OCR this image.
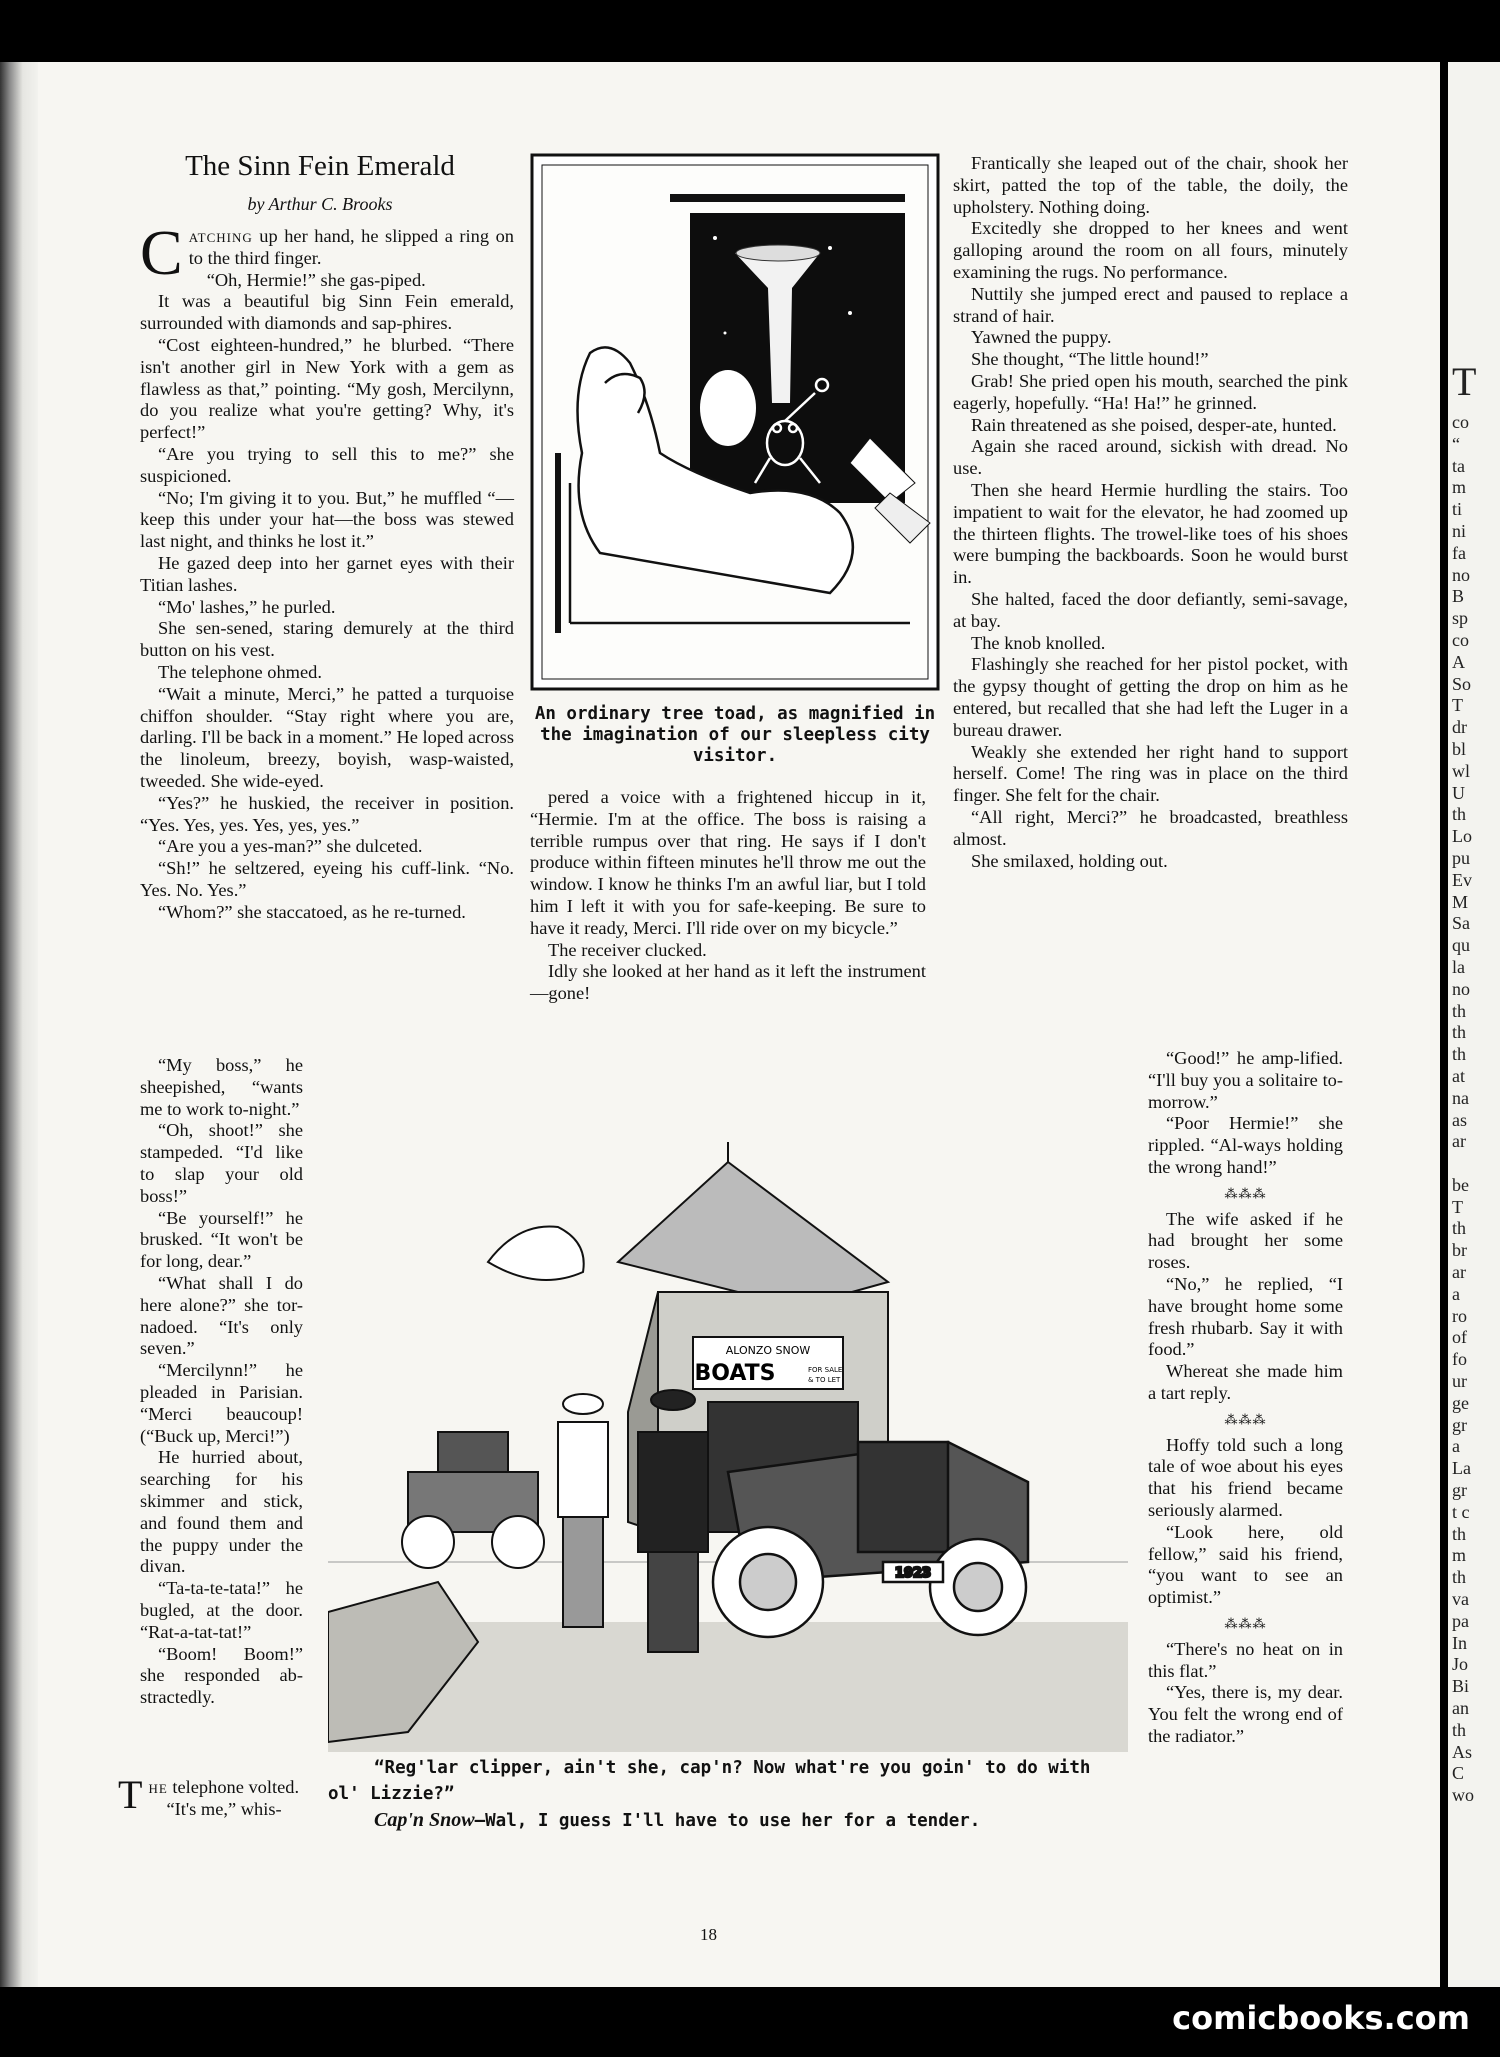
The Sinn Fein Emerald
by Arthur C. Brooks

Catching up her hand, he slipped a ring on to the third finger.

“Oh, Hermie!” she gas-piped.

It was a beautiful big Sinn Fein emerald, surrounded with diamonds and sap-phires.

“Cost eighteen-hundred,” he blurbed. “There isn't another girl in New York with a gem as flawless as that,” pointing. “My gosh, Mercilynn, do you realize what you're getting? Why, it's perfect!”

“Are you trying to sell this to me?” she suspicioned.

“No; I'm giving it to you. But,” he muffled “—keep this under your hat—the boss was stewed last night, and thinks he lost it.”

He gazed deep into her garnet eyes with their Titian lashes.

“Mo' lashes,” he purled.

She sen-sened, staring demurely at the third button on his vest.

The telephone ohmed.

“Wait a minute, Merci,” he patted a turquoise chiffon shoulder. “Stay right where you are, darling. I'll be back in a moment.” He loped across the linoleum, breezy, boyish, wasp-waisted, tweeded. She wide-eyed.

“Yes?” he huskied, the receiver in position. “Yes. Yes, yes. Yes, yes, yes.”

“Are you a yes-man?” she dulceted.

“Sh!” he seltzered, eyeing his cuff-link. “No. Yes. No. Yes.”

“Whom?” she staccatoed, as he re-turned.

“My boss,” he sheepished, “wants me to work to-night.”

“Oh, shoot!” she stampeded. “I'd like to slap your old boss!”

“Be yourself!” he brusked. “It won't be for long, dear.”

“What shall I do here alone?” she tor-nadoed. “It's only seven.”

“Mercilynn!” he pleaded in Parisian. “Merci beaucoup! (“Buck up, Merci!”)

He hurried about, searching for his skimmer and stick, and found them and the puppy under the divan.

“Ta-ta-te-tata!” he bugled, at the door. “Rat-a-tat-tat!”

“Boom! Boom!” she responded ab-stractedly.

The telephone volted.

“It's me,” whis-

An ordinary tree toad, as magnified in the imagination of our sleepless city visitor.

pered a voice with a frightened hiccup in it, “Hermie. I'm at the office. The boss is raising a terrible rumpus over that ring. He says if I don't produce within fifteen minutes he'll throw me out the window. I know he thinks I'm an awful liar, but I told him I left it with you for safe-keeping. Be sure to have it ready, Merci. I'll ride over on my bicycle.”

The receiver clucked.

Idly she looked at her hand as it left the instrument—gone!

Frantically she leaped out of the chair, shook her skirt, patted the top of the table, the doily, the upholstery. Nothing doing.

Excitedly she dropped to her knees and went galloping around the room on all fours, minutely examining the rugs. No performance.

Nuttily she jumped erect and paused to replace a strand of hair.

Yawned the puppy.

She thought, “The little hound!”

Grab! She pried open his mouth, searched the pink eagerly, hopefully. “Ha! Ha!” he grinned.

Rain threatened as she poised, desper-ate, hunted.

Again she raced around, sickish with dread. No use.

Then she heard Hermie hurdling the stairs. Too impatient to wait for the elevator, he had zoomed up the thirteen flights. The trowel-like toes of his shoes were bumping the backboards. Soon he would burst in.

She halted, faced the door defiantly, semi-savage, at bay.

The knob knolled.

Flashingly she reached for her pistol pocket, with the gypsy thought of getting the drop on him as he entered, but recalled that she had left the Luger in a bureau drawer.

Weakly she extended her right hand to support herself. Come! The ring was in place on the third finger. She felt for the chair.

“All right, Merci?” he broadcasted, breathless almost.

She smilaxed, holding out.

“Good!” he amp-lified. “I'll buy you a solitaire to-morrow.”

“Poor Hermie!” she rippled. “Al-ways holding the wrong hand!”

⁂⁂⁂

The wife asked if he had brought her some roses.

“No,” he replied, “I have brought home some fresh rhubarb. Say it with food.”

Whereat she made him a tart reply.

⁂⁂⁂

Hoffy told such a long tale of woe about his eyes that his friend became seriously alarmed.

“Look here, old fellow,” said his friend, “you want to see an optimist.”

⁂⁂⁂

“There's no heat on in this flat.”

“Yes, there is, my dear. You felt the wrong end of the radiator.”

ALONZO SNOW
BOATS	FOR SALE
& TO LET
1923
“Reg'lar clipper, ain't she, cap'n? Now what're you goin' to do with ol' Lizzie?”
Cap'n Snow—Wal, I guess I'll have to use her for a tender.
18
T
co
“
ta
m
ti
ni
fa
no
B
sp
co
A
So
T
dr
bl
wl
U
th
Lo
pu
Ev
M
Sa
qu
la
no
th
th
th
at
na
as
ar

be
T
th
br
ar
a
ro
of
fo
ur
ge
gr
a
La
gr
t c
th
m
th
va
pa
In
Jo
Bi
an
th
As
C
wo
comicbooks.com
